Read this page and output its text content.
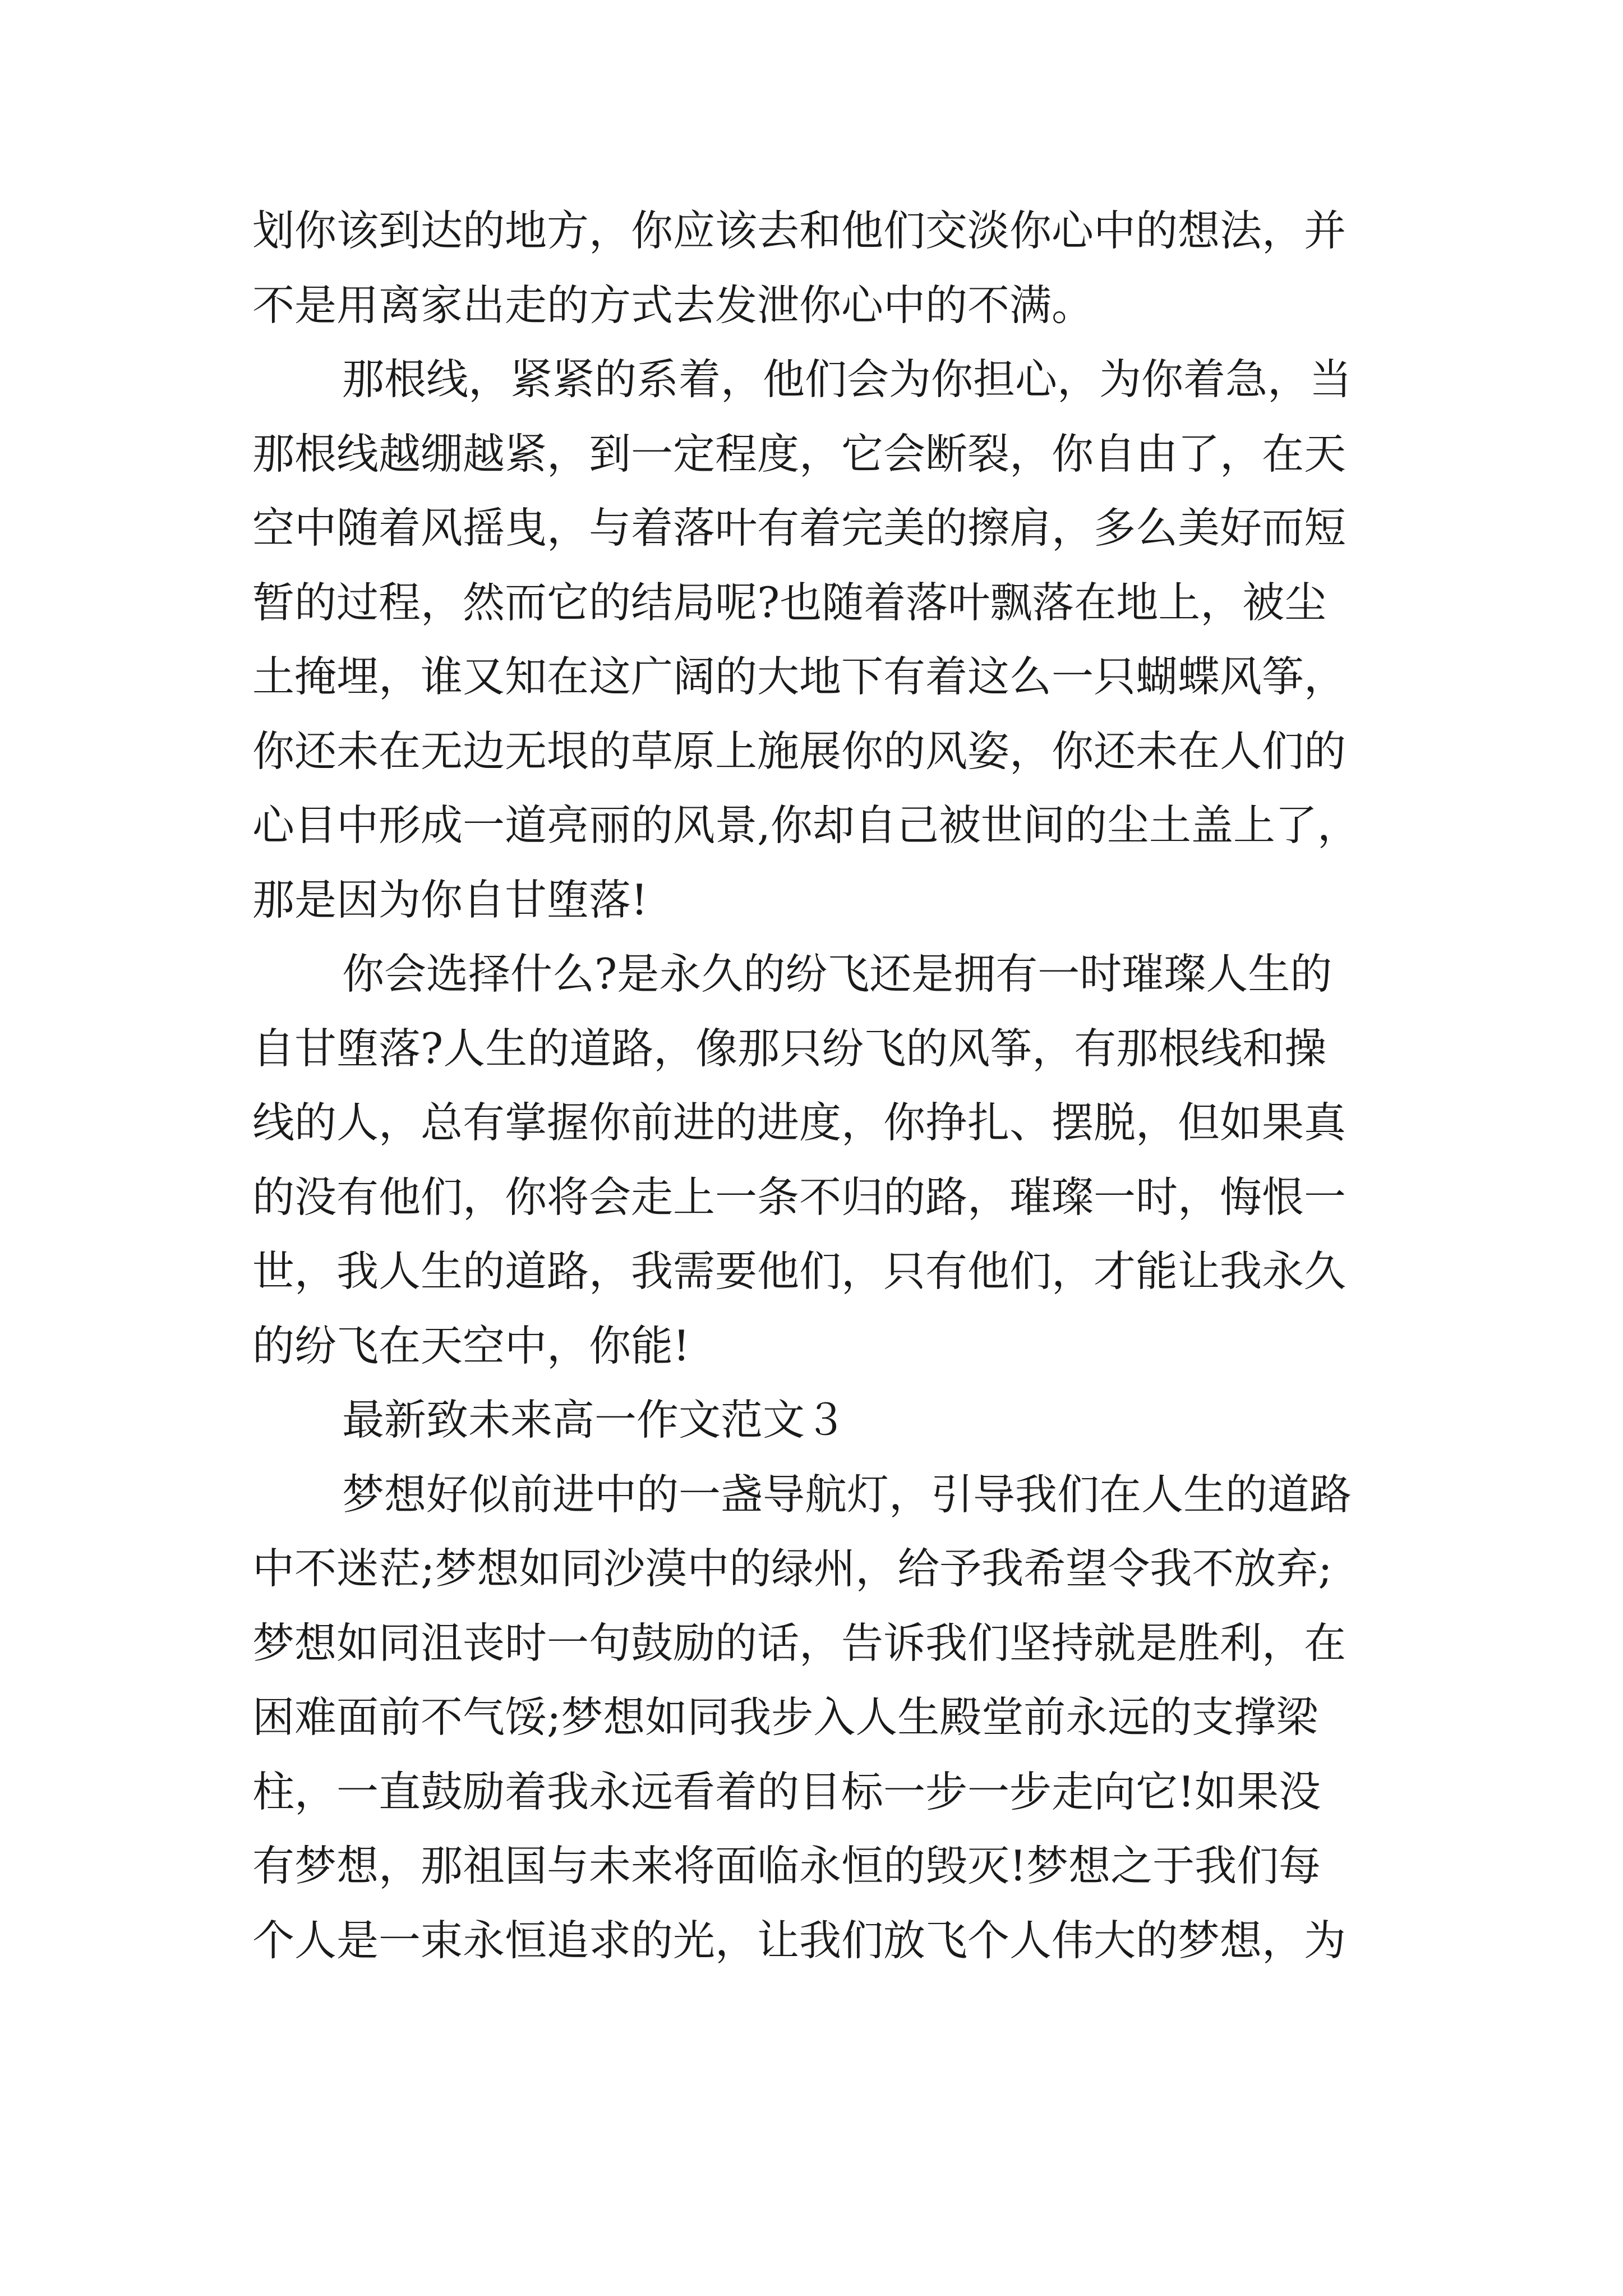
划你该到达的地方，你应该去和他们交淡你心中的想法，并
不是用离家出走的方式去发泄你心中的不满。
那根线，紧紧的系着，他们会为你担心，为你着急，当
那根线越绷越紧，到一定程度，它会断裂，你自由了，在天
空中随着风摇曳，与着落叶有着完美的擦肩，多么美好而短
暂的过程，然而它的结局呢?也随着落叶飘落在地上，被尘
土掩埋，谁又知在这广阔的大地下有着这么一只蝴蝶风筝，
你还未在无边无垠的草原上施展你的风姿，你还未在人们的
心目中形成一道亮丽的风景,你却自己被世间的尘土盖上了，
那是因为你自甘堕落!
你会选择什么?是永久的纷飞还是拥有一时璀璨人生的
自甘堕落?人生的道路，像那只纷飞的风筝，有那根线和操
线的人，总有掌握你前进的进度，你挣扎、摆脱，但如果真
的没有他们，你将会走上一条不归的路，璀璨一时，悔恨一
世，我人生的道路，我需要他们，只有他们，才能让我永久
的纷飞在天空中，你能!
最新致未来高一作文范文３
梦想好似前进中的一盏导航灯，引导我们在人生的道路
中不迷茫;梦想如同沙漠中的绿州，给予我希望令我不放弃;
梦想如同沮丧时一句鼓励的话，告诉我们坚持就是胜利，在
困难面前不气馁;梦想如同我步入人生殿堂前永远的支撑梁
柱，一直鼓励着我永远看着的目标一步一步走向它!如果没
有梦想，那祖国与未来将面临永恒的毁灭!梦想之于我们每
个人是一束永恒追求的光，让我们放飞个人伟大的梦想，为
